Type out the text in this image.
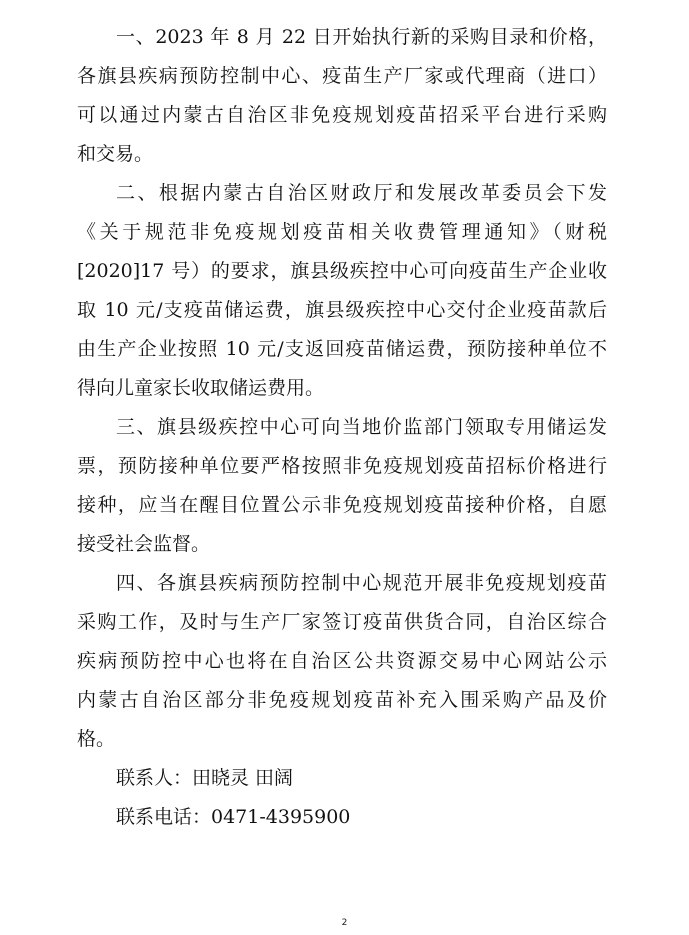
一、2023 年 8 月 22 日开始执行新的采购目录和价格，
各旗县疾病预防控制中心、疫苗生产厂家或代理商（进口）
可以通过内蒙古自治区非免疫规划疫苗招采平台进行采购
和交易。
二、根据内蒙古自治区财政厅和发展改革委员会下发
《关于规范非免疫规划疫苗相关收费管理通知》（财税
[2020]17 号）的要求，旗县级疾控中心可向疫苗生产企业收
取 10 元/支疫苗储运费，旗县级疾控中心交付企业疫苗款后
由生产企业按照 10 元/支返回疫苗储运费，预防接种单位不
得向儿童家长收取储运费用。
三、旗县级疾控中心可向当地价监部门领取专用储运发
票，预防接种单位要严格按照非免疫规划疫苗招标价格进行
接种，应当在醒目位置公示非免疫规划疫苗接种价格，自愿
接受社会监督。
四、各旗县疾病预防控制中心规范开展非免疫规划疫苗
采购工作，及时与生产厂家签订疫苗供货合同，自治区综合
疾病预防控中心也将在自治区公共资源交易中心网站公示
内蒙古自治区部分非免疫规划疫苗补充入围采购产品及价
格。
联系人：田晓灵 田阔
联系电话：0471-4395900
2
